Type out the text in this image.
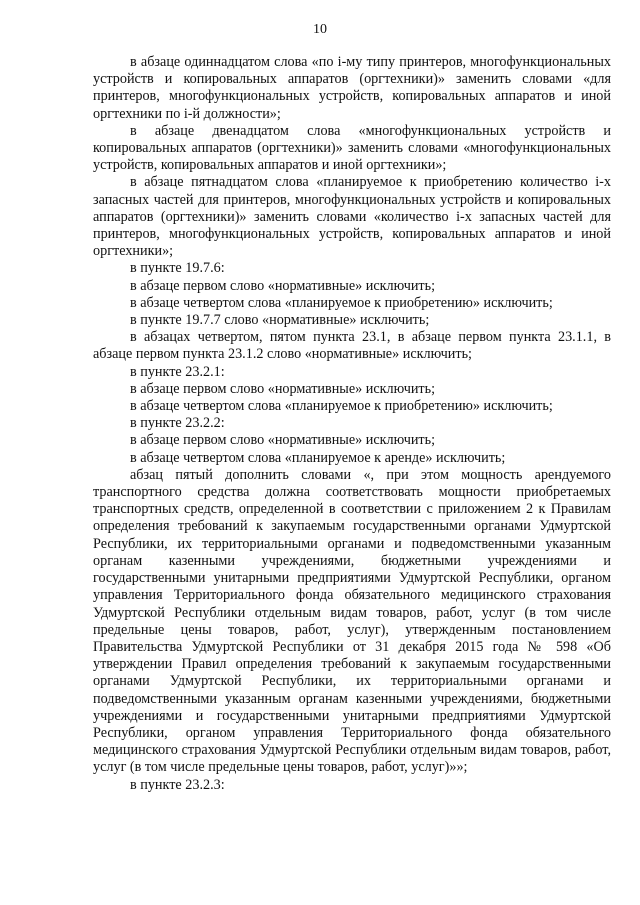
10

в абзаце одиннадцатом слова «по i-му типу принтеров, многофункциональных устройств и копировальных аппаратов (оргтехники)» заменить словами «для принтеров, многофункциональных устройств, копировальных аппаратов и иной оргтехники по i-й должности»;

в абзаце двенадцатом слова «многофункциональных устройств и копировальных аппаратов (оргтехники)» заменить словами «многофункциональных устройств, копировальных аппаратов и иной оргтехники»;

в абзаце пятнадцатом слова «планируемое к приобретению количество i-х запасных частей для принтеров, многофункциональных устройств и копировальных аппаратов (оргтехники)» заменить словами «количество i-х запасных частей для принтеров, многофункциональных устройств, копировальных аппаратов и иной оргтехники»;

в пункте 19.7.6:

в абзаце первом слово «нормативные» исключить;

в абзаце четвертом слова «планируемое к приобретению» исключить;

в пункте 19.7.7 слово «нормативные» исключить;

в абзацах четвертом, пятом пункта 23.1, в абзаце первом пункта 23.1.1, в абзаце первом пункта 23.1.2 слово «нормативные» исключить;

в пункте 23.2.1:

в абзаце первом слово «нормативные» исключить;

в абзаце четвертом слова «планируемое к приобретению» исключить;

в пункте 23.2.2:

в абзаце первом слово «нормативные» исключить;

в абзаце четвертом слова «планируемое к аренде» исключить;

абзац пятый дополнить словами «, при этом мощность арендуемого транспортного средства должна соответствовать мощности приобретаемых транспортных средств, определенной в соответствии с приложением 2 к Правилам определения требований к закупаемым государственными органами Удмуртской Республики, их территориальными органами и подведомственными указанным органам казенными учреждениями, бюджетными учреждениями и государственными унитарными предприятиями Удмуртской Республики, органом управления Территориального фонда обязательного медицинского страхования Удмуртской Республики отдельным видам товаров, работ, услуг (в том числе предельные цены товаров, работ, услуг), утвержденным постановлением Правительства Удмуртской Республики от 31 декабря 2015 года № 598 «Об утверждении Правил определения требований к закупаемым государственными органами Удмуртской Республики, их территориальными органами и подведомственными указанным органам казенными учреждениями, бюджетными учреждениями и государственными унитарными предприятиями Удмуртской Республики, органом управления Территориального фонда обязательного медицинского страхования Удмуртской Республики отдельным видам товаров, работ, услуг (в том числе предельные цены товаров, работ, услуг)»»;

в пункте 23.2.3:
